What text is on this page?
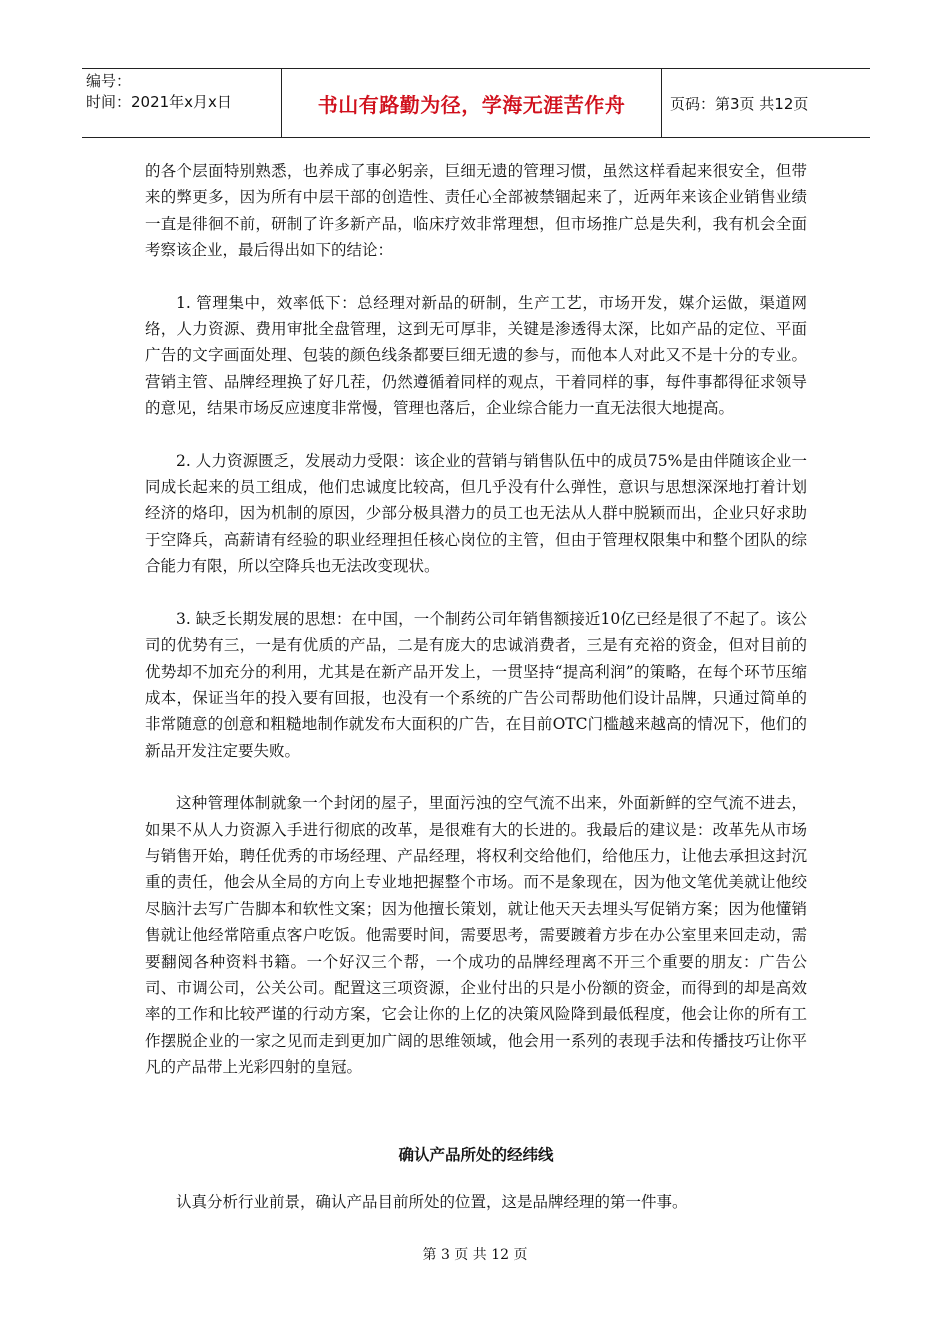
编号：
时间：2021年x月x日	书山有路勤为径，学海无涯苦作舟	页码：第3页 共12页

的各个层面特别熟悉，也养成了事必躬亲，巨细无遗的管理习惯，虽然这样看起来很安全，但带来的弊更多，因为所有中层干部的创造性、责任心全部被禁锢起来了，近两年来该企业销售业绩一直是徘徊不前，研制了许多新产品，临床疗效非常理想，但市场推广总是失利，我有机会全面考察该企业，最后得出如下的结论：

1. 管理集中，效率低下：总经理对新品的研制，生产工艺，市场开发，媒介运做，渠道网络，人力资源、费用审批全盘管理，这到无可厚非，关键是渗透得太深，比如产品的定位、平面广告的文字画面处理、包装的颜色线条都要巨细无遗的参与，而他本人对此又不是十分的专业。营销主管、品牌经理换了好几茬，仍然遵循着同样的观点，干着同样的事，每件事都得征求领导的意见，结果市场反应速度非常慢，管理也落后，企业综合能力一直无法很大地提高。

2. 人力资源匮乏，发展动力受限：该企业的营销与销售队伍中的成员75%是由伴随该企业一同成长起来的员工组成，他们忠诚度比较高，但几乎没有什么弹性，意识与思想深深地打着计划经济的烙印，因为机制的原因，少部分极具潜力的员工也无法从人群中脱颖而出，企业只好求助于空降兵，高薪请有经验的职业经理担任核心岗位的主管，但由于管理权限集中和整个团队的综合能力有限，所以空降兵也无法改变现状。

3. 缺乏长期发展的思想：在中国，一个制药公司年销售额接近10亿已经是很了不起了。该公司的优势有三，一是有优质的产品，二是有庞大的忠诚消费者，三是有充裕的资金，但对目前的优势却不加充分的利用，尤其是在新产品开发上，一贯坚持“提高利润”的策略，在每个环节压缩成本，保证当年的投入要有回报，也没有一个系统的广告公司帮助他们设计品牌，只通过简单的非常随意的创意和粗糙地制作就发布大面积的广告，在目前OTC门槛越来越高的情况下，他们的新品开发注定要失败。

这种管理体制就象一个封闭的屋子，里面污浊的空气流不出来，外面新鲜的空气流不进去，如果不从人力资源入手进行彻底的改革，是很难有大的长进的。我最后的建议是：改革先从市场与销售开始，聘任优秀的市场经理、产品经理，将权利交给他们，给他压力，让他去承担这封沉重的责任，他会从全局的方向上专业地把握整个市场。而不是象现在，因为他文笔优美就让他绞尽脑汁去写广告脚本和软性文案；因为他擅长策划，就让他天天去埋头写促销方案；因为他懂销售就让他经常陪重点客户吃饭。他需要时间，需要思考，需要踱着方步在办公室里来回走动，需要翻阅各种资料书籍。一个好汉三个帮，一个成功的品牌经理离不开三个重要的朋友：广告公司、市调公司，公关公司。配置这三项资源，企业付出的只是小份额的资金，而得到的却是高效率的工作和比较严谨的行动方案，它会让你的上亿的决策风险降到最低程度，他会让你的所有工作摆脱企业的一家之见而走到更加广阔的思维领域，他会用一系列的表现手法和传播技巧让你平凡的产品带上光彩四射的皇冠。

确认产品所处的经纬线
认真分析行业前景，确认产品目前所处的位置，这是品牌经理的第一件事。
第 3 页 共 12 页
